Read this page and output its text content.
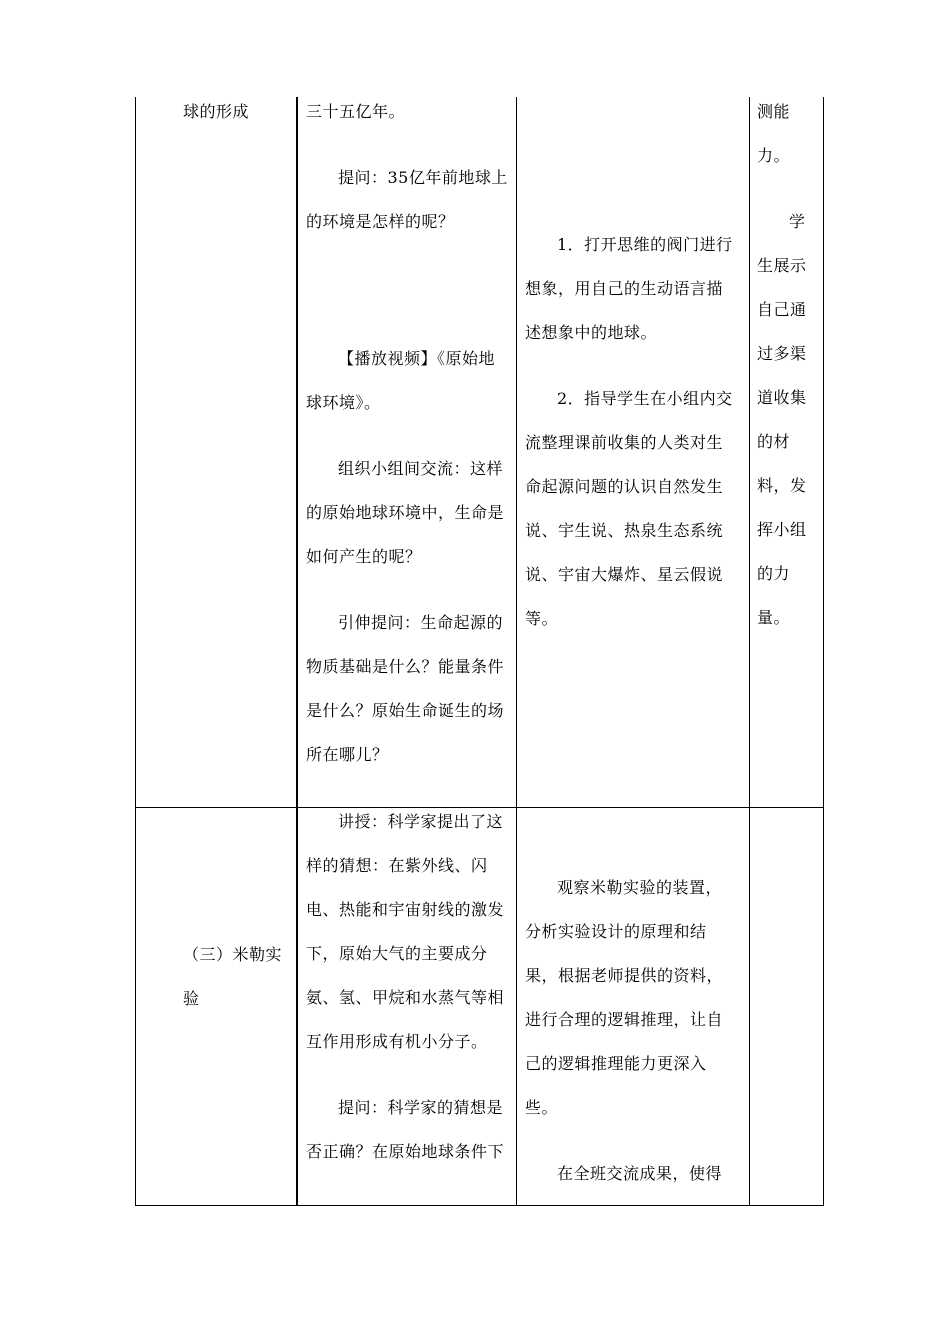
球的形成	三十五亿年。

提问：35亿年前地球上的环境是怎样的呢？

【播放视频】《原始地球环境》。

组织小组间交流：这样的原始地球环境中，生命是如何产生的呢？

引伸提问：生命起源的物质基础是什么？能量条件是什么？原始生命诞生的场所在哪儿？

1．打开思维的阀门进行想象，用自己的生动语言描述想象中的地球。

2．指导学生在小组内交流整理课前收集的人类对生命起源问题的认识自然发生说、宇生说、热泉生态系统说、宇宙大爆炸、星云假说等。

测能力。

学生展示自己通过多渠道收集的材料，发挥小组的力量。

（三）米勒实验

讲授：科学家提出了这样的猜想：在紫外线、闪电、热能和宇宙射线的激发下，原始大气的主要成分氨、氢、甲烷和水蒸气等相互作用形成有机小分子。

提问：科学家的猜想是否正确？在原始地球条件下

观察米勒实验的装置，分析实验设计的原理和结果，根据老师提供的资料，进行合理的逻辑推理，让自己的逻辑推理能力更深入些。

在全班交流成果，使得
